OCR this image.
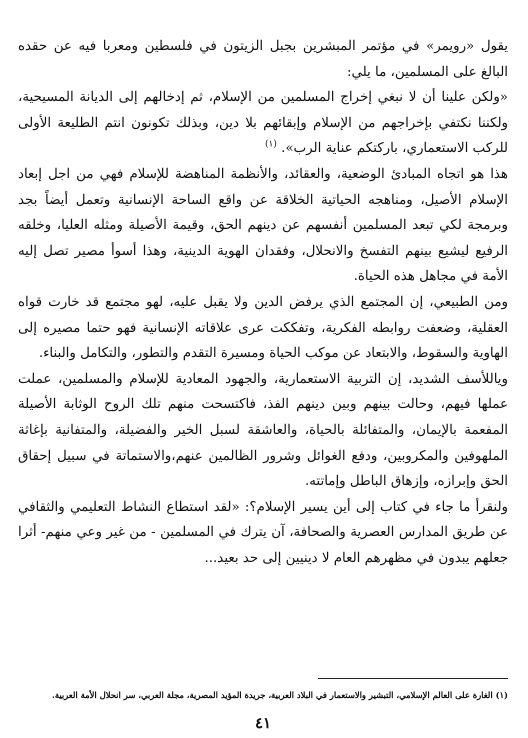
يقول «رويمر» في مؤتمر المبشرين بجبل الزيتون في فلسطين ومعربا فيه عن حقده البالغ على المسلمين، ما يلي:

«ولكن علينا أن لا نبغي إخراج المسلمين من الإسلام، ثم إدخالهم إلى الديانة المسيحية، ولكننا نكتفي بإخراجهم من الإسلام وإبقائهم بلا دين، وبذلك تكونون انتم الطليعة الأولى للركب الاستعماري، باركتكم عناية الرب». $^{(١)}$

هذا هو اتجاه المبادئ الوضعية، والعقائد، والأنظمة المناهضة للإسلام فهي من اجل إبعاد الإسلام الأصيل، ومناهجه الحياتية الخلاقة عن واقع الساحة الإنسانية وتعمل أيضاً بجد وبرمجة لكي تبعد المسلمين أنفسهم عن دينهم الحق، وقيمة الأصيلة ومثله العليا، وخلقه الرفيع ليشيع بينهم التفسخ والانحلال، وفقدان الهوية الدينية، وهذا أسوأ مصير تصل إليه الأمة في مجاهل هذه الحياة.

ومن الطبيعي، إن المجتمع الذي يرفض الدين ولا يقبل عليه، لهو مجتمع قد خارت قواه العقلية، وضعفت روابطه الفكرية، وتفككت عرى علاقاته الإنسانية فهو حتما مصيره إلى الهاوية والسقوط، والابتعاد عن موكب الحياة ومسيرة التقدم والتطور، والتكامل والبناء.

وياللأسف الشديد، إن التربية الاستعمارية، والجهود المعادية للإسلام والمسلمين، عملت عملها فيهم، وحالت بينهم وبين دينهم الفذ، فاكتسحت منهم تلك الروح الوثابة الأصيلة المفعمة بالإيمان، والمتفائلة بالحياة، والعاشقة لسبل الخير والفضيلة، والمتفانية بإغاثة الملهوفين والمكروبين، ودفع الغوائل وشرور الظالمين عنهم،والاستماتة في سبيل إحقاق الحق وإبرازه، وإزهاق الباطل وإماتته.

ولنقرأ ما جاء في كتاب إلى أين يسير الإسلام؟: «لقد استطاع النشاط التعليمي والثقافي عن طريق المدارس العصرية والصحافة، آن يترك في المسلمين - من غير وعي منهم- أثرا جعلهم يبدون في مظهرهم العام لا دينيين إلى حد بعيد...

(١) الغارة على العالم الإسلامي، التبشير والاستعمار في البلاد العربية، جريدة المؤيد المصرية، مجلة العربي، سر انحلال الأمة العربية.
٤١
